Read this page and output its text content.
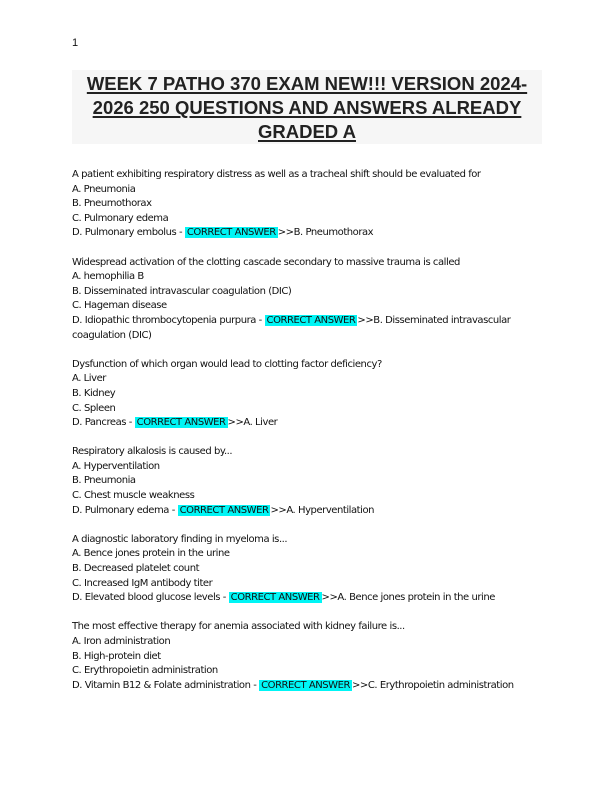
1
WEEK 7 PATHO 370 EXAM NEW!!! VERSION 2024-2026 250 QUESTIONS AND ANSWERS ALREADY GRADED A

A patient exhibiting respiratory distress as well as a tracheal shift should be evaluated for

A. Pneumonia

B. Pneumothorax

C. Pulmonary edema

D. Pulmonary embolus - CORRECT ANSWER >>B. Pneumothorax

Widespread activation of the clotting cascade secondary to massive trauma is called

A. hemophilia B

B. Disseminated intravascular coagulation (DIC)

C. Hageman disease

D. Idiopathic thrombocytopenia purpura - CORRECT ANSWER >>B. Disseminated intravascular coagulation (DIC)

Dysfunction of which organ would lead to clotting factor deficiency?

A. Liver

B. Kidney

C. Spleen

D. Pancreas - CORRECT ANSWER >>A. Liver

Respiratory alkalosis is caused by...

A. Hyperventilation

B. Pneumonia

C. Chest muscle weakness

D. Pulmonary edema - CORRECT ANSWER >>A. Hyperventilation

A diagnostic laboratory finding in myeloma is...

A. Bence jones protein in the urine

B. Decreased platelet count

C. Increased IgM antibody titer

D. Elevated blood glucose levels - CORRECT ANSWER >>A. Bence jones protein in the urine

The most effective therapy for anemia associated with kidney failure is...

A. Iron administration

B. High-protein diet

C. Erythropoietin administration

D. Vitamin B12 & Folate administration - CORRECT ANSWER >>C. Erythropoietin administration
